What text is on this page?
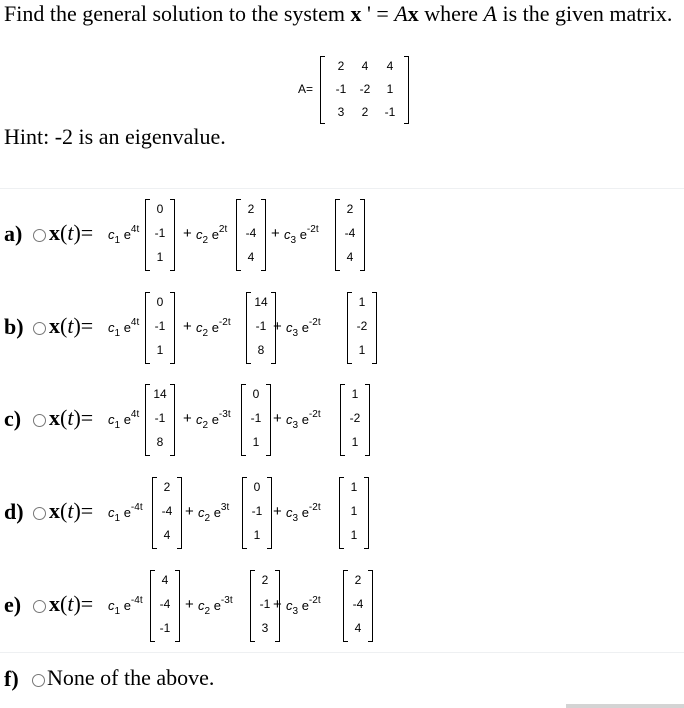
Find the general solution to the system x ' = Ax where A is the given matrix.
A=
2	4	4
-1	-2	1
3	2	-1
Hint: -2 is an eigenvalue.
a) $x(t)= c_1$ $e^{4t}$
0
-1
1
+ $c_2$ $e^{2t}$
2
-4
4
+ $c_3$ $e^{-2t}$
2
-4
4
b) $x(t)= c_1$ $e^{4t}$
0
-1
1
+ $c_2$ $e^{-2t}$
14
-1
8
+ $c_3$ $e^{-2t}$
1
-2
1
c) $x(t)= c_1$ $e^{4t}$
14
-1
8
+ $c_2$ $e^{-3t}$
0
-1
1
+ $c_3$ $e^{-2t}$
1
-2
1
d) $x(t)= c_1$ $e^{-4t}$
2
-4
4
+ $c_2$ $e^{3t}$
0
-1
1
+ $c_3$ $e^{-2t}$
1
1
1
e) $x(t)= c_1$ $e^{-4t}$
4
-4
-1
+ $c_2$ $e^{-3t}$
2
-1
3
+ $c_3$ $e^{-2t}$
2
-4
4
f) None of the above.
